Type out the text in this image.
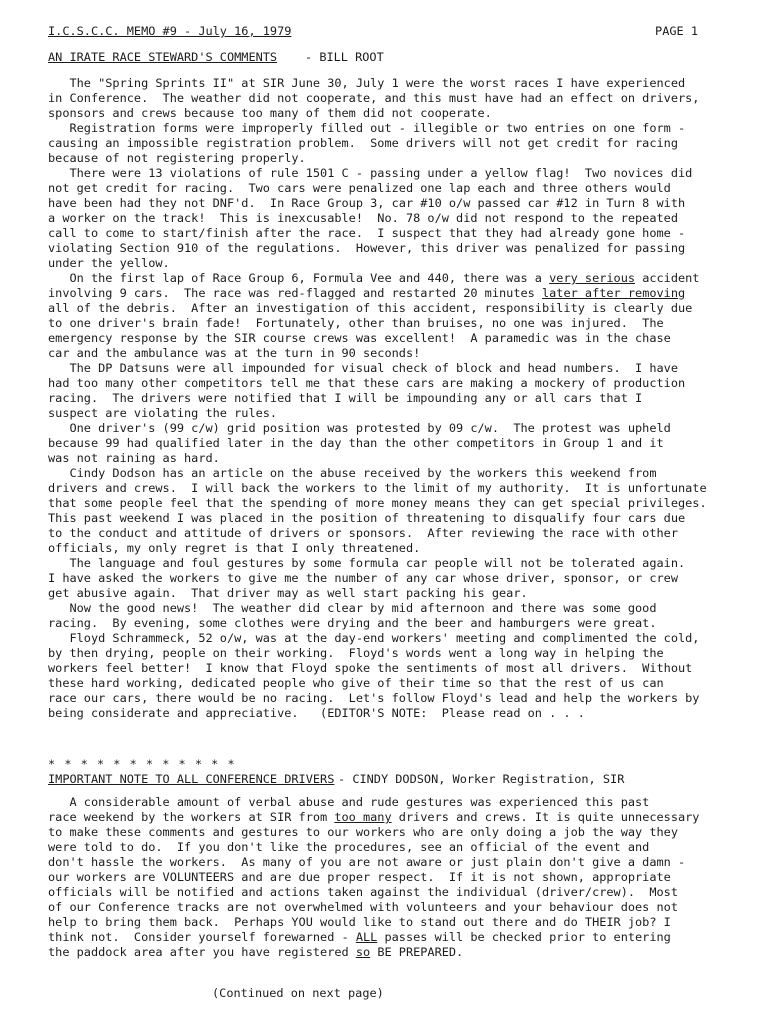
I.C.S.C.C. MEMO #9 - July 16, 1979	PAGE 1
AN IRATE RACE STEWARD'S COMMENTS - BILL ROOT
The "Spring Sprints II" at SIR June 30, July 1 were the worst races I have experienced
in Conference.  The weather did not cooperate, and this must have had an effect on drivers,
sponsors and crews because too many of them did not cooperate.
Registration forms were improperly filled out - illegible or two entries on one form -
causing an impossible registration problem.  Some drivers will not get credit for racing
because of not registering properly.
There were 13 violations of rule 1501 C - passing under a yellow flag!  Two novices did
not get credit for racing.  Two cars were penalized one lap each and three others would
have been had they not DNF'd.  In Race Group 3, car #10 o/w passed car #12 in Turn 8 with
a worker on the track!  This is inexcusable!  No. 78 o/w did not respond to the repeated
call to come to start/finish after the race.  I suspect that they had already gone home -
violating Section 910 of the regulations.  However, this driver was penalized for passing
under the yellow.
On the first lap of Race Group 6, Formula Vee and 440, there was a very serious accident
involving 9 cars.  The race was red-flagged and restarted 20 minutes later after removing
all of the debris.  After an investigation of this accident, responsibility is clearly due
to one driver's brain fade!  Fortunately, other than bruises, no one was injured.  The
emergency response by the SIR course crews was excellent!  A paramedic was in the chase
car and the ambulance was at the turn in 90 seconds!
The DP Datsuns were all impounded for visual check of block and head numbers.  I have
had too many other competitors tell me that these cars are making a mockery of production
racing.  The drivers were notified that I will be impounding any or all cars that I
suspect are violating the rules.
One driver's (99 c/w) grid position was protested by 09 c/w.  The protest was upheld
because 99 had qualified later in the day than the other competitors in Group 1 and it
was not raining as hard.
Cindy Dodson has an article on the abuse received by the workers this weekend from
drivers and crews.  I will back the workers to the limit of my authority.  It is unfortunate
that some people feel that the spending of more money means they can get special privileges.
This past weekend I was placed in the position of threatening to disqualify four cars due
to the conduct and attitude of drivers or sponsors.  After reviewing the race with other
officials, my only regret is that I only threatened.
The language and foul gestures by some formula car people will not be tolerated again.
I have asked the workers to give me the number of any car whose driver, sponsor, or crew
get abusive again.  That driver may as well start packing his gear.
Now the good news!  The weather did clear by mid afternoon and there was some good
racing.  By evening, some clothes were drying and the beer and hamburgers were great.
Floyd Schrammeck, 52 o/w, was at the day-end workers' meeting and complimented the cold,
by then drying, people on their working.  Floyd's words went a long way in helping the
workers feel better!  I know that Floyd spoke the sentiments of most all drivers.  Without
these hard working, dedicated people who give of their time so that the rest of us can
race our cars, there would be no racing.  Let's follow Floyd's lead and help the workers by
being considerate and appreciative.   (EDITOR'S NOTE:  Please read on . . .
* * * * * * * * * * * *
IMPORTANT NOTE TO ALL CONFERENCE DRIVERS - CINDY DODSON, Worker Registration, SIR
A considerable amount of verbal abuse and rude gestures was experienced this past
race weekend by the workers at SIR from too many drivers and crews. It is quite unnecessary
to make these comments and gestures to our workers who are only doing a job the way they
were told to do.  If you don't like the procedures, see an official of the event and
don't hassle the workers.  As many of you are not aware or just plain don't give a damn -
our workers are VOLUNTEERS and are due proper respect.  If it is not shown, appropriate
officials will be notified and actions taken against the individual (driver/crew).  Most
of our Conference tracks are not overwhelmed with volunteers and your behaviour does not
help to bring them back.  Perhaps YOU would like to stand out there and do THEIR job? I
think not.  Consider yourself forewarned - ALL passes will be checked prior to entering
the paddock area after you have registered so BE PREPARED.
(Continued on next page)
